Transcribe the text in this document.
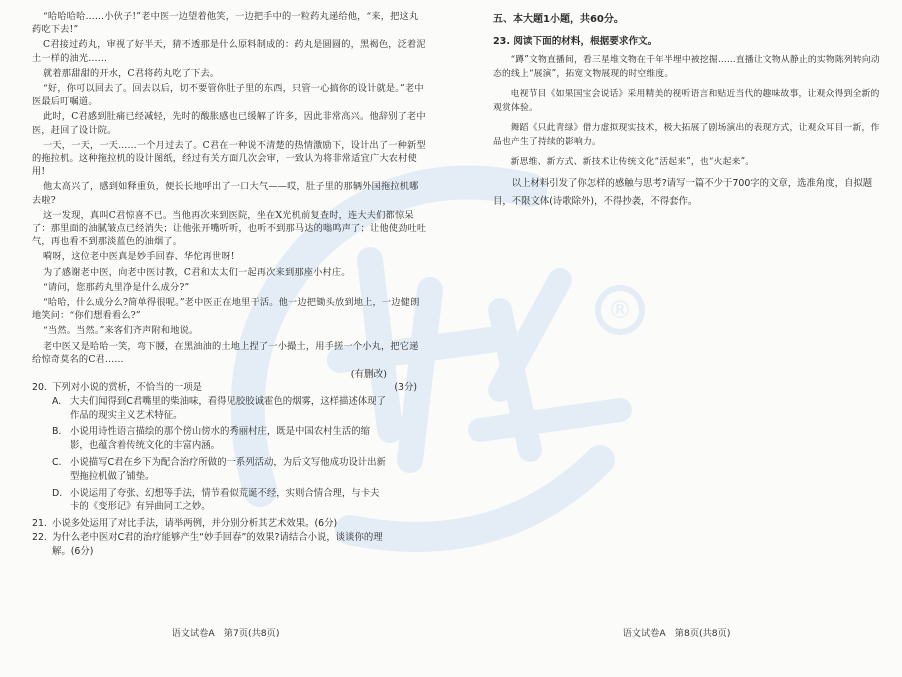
®

“哈哈哈哈……小伙子!”老中医一边望着他笑，一边把手中的一粒药丸递给他，“来，把这丸药吃下去!”

C君接过药丸，审视了好半天，猜不透那是什么原料制成的：药丸是圆圆的，黑褐色，泛着泥土一样的油光……

就着那甜甜的开水，C君将药丸吃了下去。

“好，你可以回去了。回去以后，切不要管你肚子里的东西，只管一心搞你的设计就是。”老中医最后叮嘱道。

此时，C君感到肚痛已经减轻，先时的酸胀感也已缓解了许多，因此非常高兴。他辞别了老中医，赶回了设计院。

一天，一天，一天……一个月过去了。C君在一种说不清楚的热情激励下，设计出了一种新型的拖拉机。这种拖拉机的设计图纸，经过有关方面几次会审，一致认为将非常适宜广大农村使用!

他太高兴了，感到如释重负，便长长地呼出了一口大气——哎，肚子里的那辆外国拖拉机哪去啦?

这一发现，真叫C君惊喜不已。当他再次来到医院，坐在X光机前复查时，连大夫们都惊呆了：那里面的油腻皱点已经消失；让他张开嘴听听，也听不到那马达的嗡鸣声了；让他使劲吐吐气，再也看不到那淡蓝色的油烟了。

嗬呀，这位老中医真是妙手回春、华佗再世呀!

为了感谢老中医，向老中医讨教，C君和太太们一起再次来到那座小村庄。

“请问，您那药丸里净是什么成分?”

“哈哈，什么成分么?简单得很呢。”老中医正在地里干活。他一边把锄头放到地上，一边健朗地笑问：“你们想看看么?”

“当然。当然。”来客们齐声附和地说。

老中医又是哈哈一笑，弯下腰，在黑油油的土地上捏了一小撮土，用手搓一个小丸，把它递给惊奇莫名的C君……

(有删改)

20. 下列对小说的赏析，不恰当的一项是	(3分)
A. 大夫们闻得到C君嘴里的柴油味，看得见胶胶诚霍色的烟雾，这样描述体现了作品的现实主义艺术特征。
B. 小说用诗性语言描绘的那个傍山傍水的秀丽村庄，既是中国农村生活的缩影，也蕴含着传统文化的丰富内涵。
C. 小说描写C君在乡下为配合治疗所做的一系列活动，为后文写他成功设计出新型拖拉机做了铺垫。
D. 小说运用了夸张、幻想等手法，情节看似荒诞不经，实则合情合理，与卡夫卡的《变形记》有异曲同工之妙。
21. 小说多处运用了对比手法，请举两例，并分别分析其艺术效果。(6分)
22. 为什么老中医对C君的治疗能够产生“妙手回春”的效果?请结合小说，谈谈你的理解。(6分)
语文试卷A　第7页(共8页)

五、本大题1小题，共60分。

23. 阅读下面的材料，根据要求作文。

“蹲”文物直播间，看三星堆文物在千年半埋中被挖掘……直播让文物从静止的实物陈列转向动态的线上“展演”，拓宽文物展现的时空维度。

电视节目《如果国宝会说话》采用精美的视听语言和贴近当代的趣味故事，让观众得到全新的观赏体验。

舞蹈《只此青绿》借力虚拟现实技术，极大拓展了剧场演出的表现方式，让观众耳目一新，作品也产生了持续的影响力。

新思维、新方式、新技术让传统文化“活起来”，也“火起来”。

以上材料引发了你怎样的感触与思考?请写一篇不少于700字的文章，选准角度，自拟题目，不限文体(诗歌除外)，不得抄袭，不得套作。

语文试卷A　第8页(共8页)
